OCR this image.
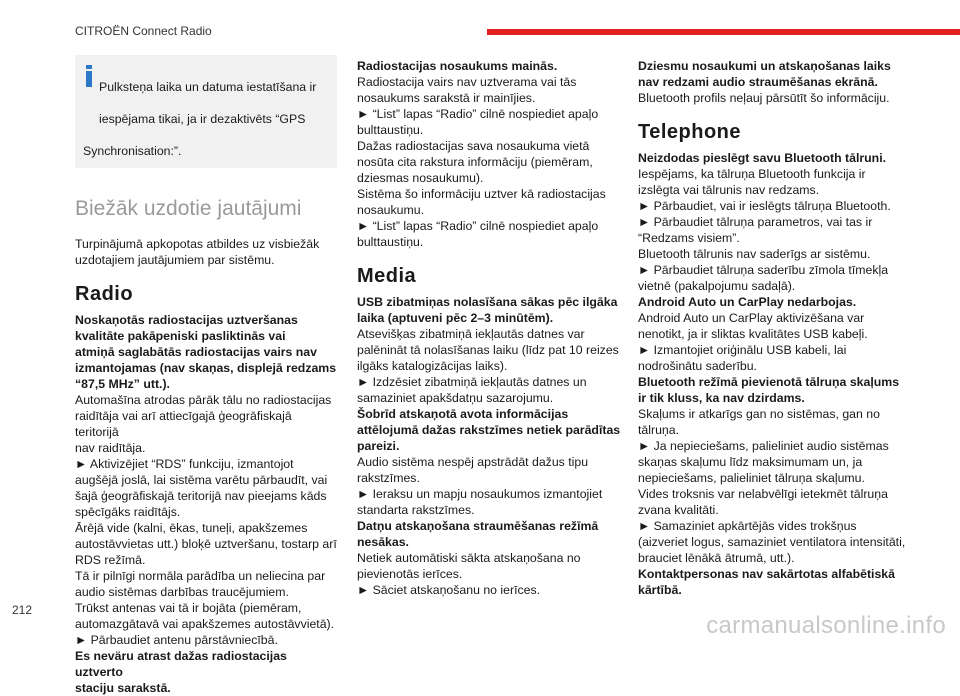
CITROËN Connect Radio

Pulksteņa laika un datuma iestatīšana ir

iespējama tikai, ja ir dezaktivēts “GPS

Synchronisation:”.

Biežāk uzdotie jautājumi

Turpinājumā apkopotas atbildes uz visbiežāk
uzdotajiem jautājumiem par sistēmu.

Radio

Noskaņotās radiostacijas uztveršanas
kvalitāte pakāpeniski pasliktinās vai
atmiņā saglabātās radiostacijas vairs nav
izmantojamas (nav skaņas, displejā redzams
“87,5 MHz” utt.).

Automašīna atrodas pārāk tālu no radiostacijas
raidītāja vai arī attiecīgajā ģeogrāfiskajā teritorijā
nav raidītāja.
► Aktivizējiet “RDS” funkciju, izmantojot
augšējā joslā, lai sistēma varētu pārbaudīt, vai
šajā ģeogrāfiskajā teritorijā nav pieejams kāds
spēcīgāks raidītājs.
Ārējā vide (kalni, ēkas, tuneļi, apakšzemes
autostāvvietas utt.) bloķē uztveršanu, tostarp arī
RDS režīmā.
Tā ir pilnīgi normāla parādība un neliecina par
audio sistēmas darbības traucējumiem.
Trūkst antenas vai tā ir bojāta (piemēram,
automazgātavā vai apakšzemes autostāvvietā).
► Pārbaudiet antenu pārstāvniecībā.

Es neväru atrast dažas radiostacijas uztverto
staciju sarakstā.

Radiostacijas nosaukums mainās.

Radiostacija vairs nav uztverama vai tās
nosaukums sarakstā ir mainījies.
► “List” lapas “Radio” cilnē nospiediet apaļo
bulttaustiņu.
Dažas radiostacijas sava nosaukuma vietā
nosūta cita rakstura informāciju (piemēram,
dziesmas nosaukumu).
Sistēma šo informāciju uztver kā radiostacijas
nosaukumu.
► “List” lapas “Radio” cilnē nospiediet apaļo
bulttaustiņu.

Media

USB zibatmiņas nolasīšana sākas pēc ilgāka
laika (aptuveni pēc 2–3 minūtēm).

Atsevišķas zibatmiņā iekļautās datnes var
palēnināt tā nolasīšanas laiku (līdz pat 10 reizes
ilgāks katalogizācijas laiks).
► Izdzēsiet zibatmiņā iekļautās datnes un
samaziniet apakšdatņu sazarojumu.

Šobrīd atskaņotā avota informācijas
attēlojumā dažas rakstzīmes netiek parādītas
pareizi.

Audio sistēma nespēj apstrādāt dažus tipu
rakstzīmes.
► Ieraksu un mapju nosaukumos izmantojiet
standarta rakstzīmes.

Datņu atskaņošana straumēšanas režīmā
nesākas.

Netiek automātiski sākta atskaņošana no
pievienotās ierīces.
► Sāciet atskaņošanu no ierīces.

Dziesmu nosaukumi un atskaņošanas laiks
nav redzami audio straumēšanas ekrānā.

Bluetooth profils neļauj pārsūtīt šo informāciju.

Telephone

Neizdodas pieslēgt savu Bluetooth tālruni.

Iespējams, ka tālruņa Bluetooth funkcija ir
izslēgta vai tālrunis nav redzams.
► Pārbaudiet, vai ir ieslēgts tālruņa Bluetooth.
► Pārbaudiet tālruņa parametros, vai tas ir
“Redzams visiem”.
Bluetooth tālrunis nav saderīgs ar sistēmu.
► Pārbaudiet tālruņa saderību zīmola tīmekļa
vietnē (pakalpojumu sadaļā).

Android Auto un CarPlay nedarbojas.

Android Auto un CarPlay aktivizēšana var
nenotikt, ja ir sliktas kvalitātes USB kabeļi.
► Izmantojiet oriģinālu USB kabeli, lai
nodrošinātu saderību.

Bluetooth režīmā pievienotā tālruņa skaļums
ir tik kluss, ka nav dzirdams.

Skaļums ir atkarīgs gan no sistēmas, gan no
tālruņa.
► Ja nepieciešams, palieliniet audio sistēmas
skaņas skaļumu līdz maksimumam un, ja
nepieciešams, palieliniet tālruņa skaļumu.
Vides troksnis var nelabvēlīgi ietekmēt tālruņa
zvana kvalitāti.
► Samaziniet apkārtējās vides trokšņus
(aizveriet logus, samaziniet ventilatora intensitāti,
brauciet lēnākā ātrumā, utt.).

Kontaktpersonas nav sakārtotas alfabētiskā
kārtībā.

212
carmanualsonline.info
